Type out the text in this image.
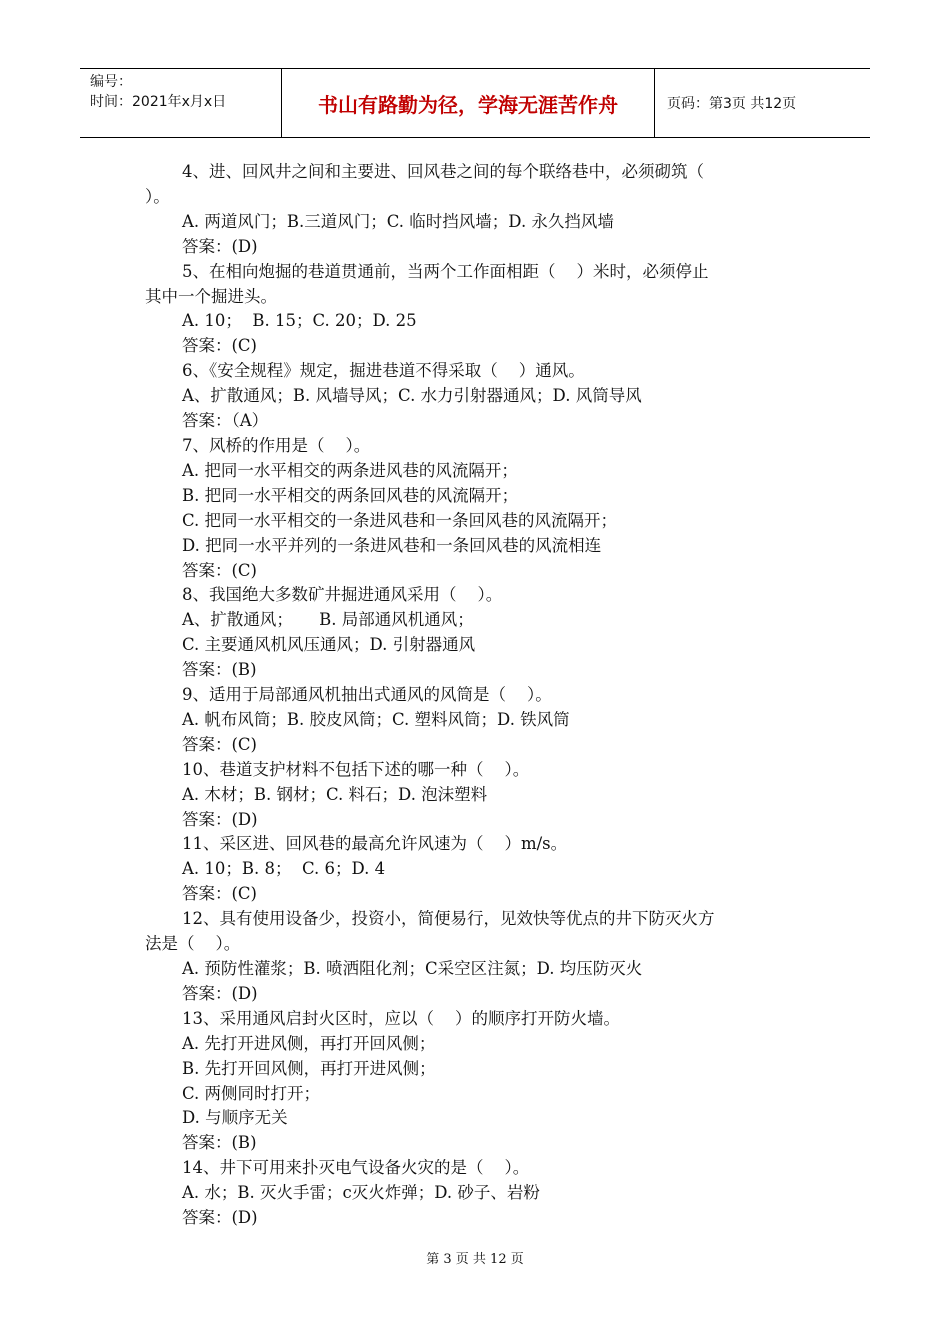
编号：
时间：2021年x月x日	书山有路勤为径，学海无涯苦作舟	页码：第3页 共12页

4、进、回风井之间和主要进、回风巷之间的每个联络巷中，必须砌筑（

）。

A. 两道风门；B.三道风门；C. 临时挡风墙；D. 永久挡风墙

答案：(D)

5、在相向炮掘的巷道贯通前，当两个工作面相距（    ）米时，必须停止

其中一个掘进头。

A. 10；  B. 15；C. 20；D. 25

答案：(C)

6、《安全规程》规定，掘进巷道不得采取（    ）通风。

A、扩散通风；B. 风墙导风；C. 水力引射器通风；D. 风筒导风

答案：（A）

7、风桥的作用是（    ）。

A. 把同一水平相交的两条进风巷的风流隔开；

B. 把同一水平相交的两条回风巷的风流隔开；

C. 把同一水平相交的一条进风巷和一条回风巷的风流隔开；

D. 把同一水平并列的一条进风巷和一条回风巷的风流相连

答案：(C)

8、我国绝大多数矿井掘进通风采用（    ）。

A、扩散通风；     B. 局部通风机通风；

C. 主要通风机风压通风；D. 引射器通风

答案：(B)

9、适用于局部通风机抽出式通风的风筒是（    ）。

A. 帆布风筒；B. 胶皮风筒；C. 塑料风筒；D. 铁风筒

答案：(C)

10、巷道支护材料不包括下述的哪一种（    ）。

A. 木材；B. 钢材；C. 料石；D. 泡沫塑料

答案：(D)

11、采区进、回风巷的最高允许风速为（    ）m/s。

A. 10；B. 8；  C. 6；D. 4

答案：(C)

12、具有使用设备少，投资小，简便易行，见效快等优点的井下防灭火方

法是（    ）。

A. 预防性灌浆；B. 喷洒阻化剂；C采空区注氮；D. 均压防灭火

答案：(D)

13、采用通风启封火区时，应以（    ）的顺序打开防火墙。

A. 先打开进风侧，再打开回风侧；

B. 先打开回风侧，再打开进风侧；

C. 两侧同时打开；

D. 与顺序无关

答案：(B)

14、井下可用来扑灭电气设备火灾的是（    ）。

A. 水；B. 灭火手雷；c灭火炸弹；D. 砂子、岩粉

答案：(D)

第 3 页 共 12 页
